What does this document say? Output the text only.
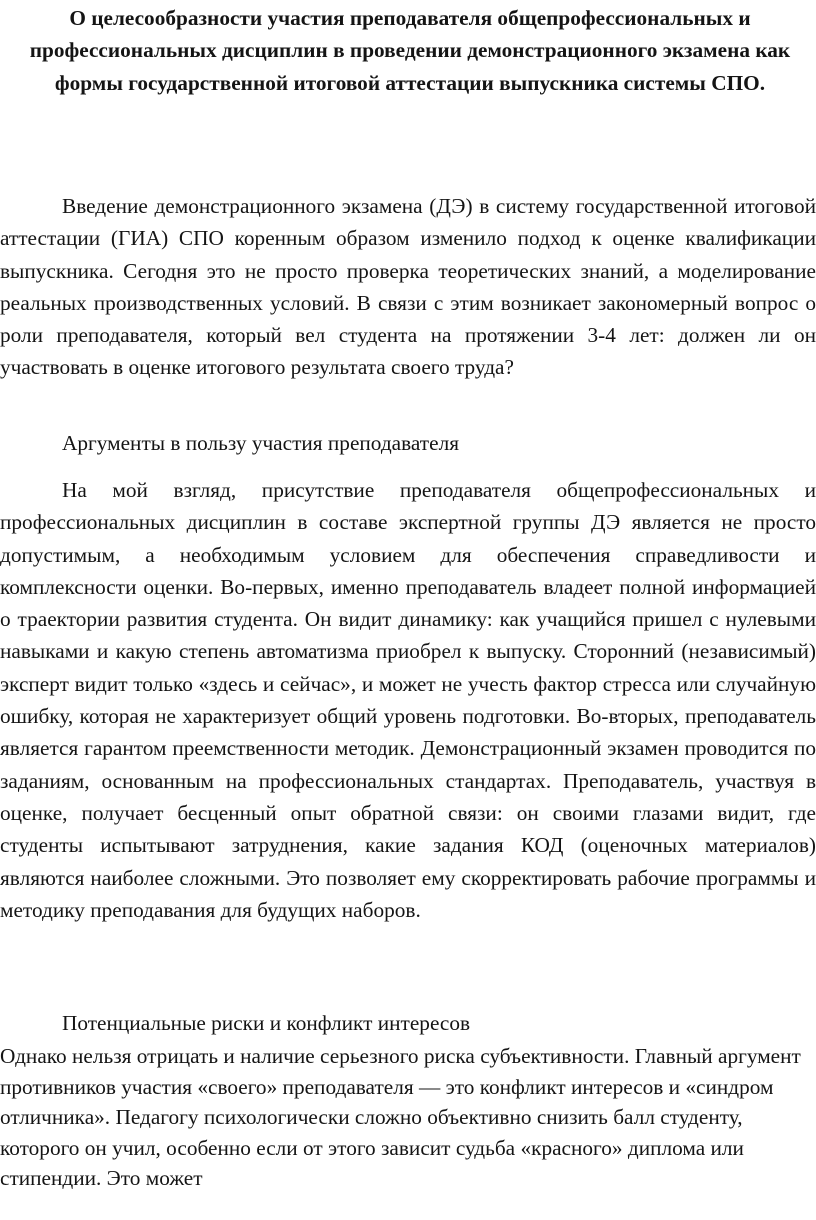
О целесообразности участия преподавателя общепрофессиональных и профессиональных дисциплин в проведении демонстрационного экзамена как формы государственной итоговой аттестации выпускника системы СПО.

Введение демонстрационного экзамена (ДЭ) в систему государственной итоговой аттестации (ГИА) СПО коренным образом изменило подход к оценке квалификации выпускника. Сегодня это не просто проверка теоретических знаний, а моделирование реальных производственных условий. В связи с этим возникает закономерный вопрос о роли преподавателя, который вел студента на протяжении 3-4 лет: должен ли он участвовать в оценке итогового результата своего труда?

Аргументы в пользу участия преподавателя

На мой взгляд, присутствие преподавателя общепрофессиональных и профессиональных дисциплин в составе экспертной группы ДЭ является не просто допустимым, а необходимым условием для обеспечения справедливости и комплексности оценки. Во-первых, именно преподаватель владеет полной информацией о траектории развития студента. Он видит динамику: как учащийся пришел с нулевыми навыками и какую степень автоматизма приобрел к выпуску. Сторонний (независимый) эксперт видит только «здесь и сейчас», и может не учесть фактор стресса или случайную ошибку, которая не характеризует общий уровень подготовки. Во-вторых, преподаватель является гарантом преемственности методик. Демонстрационный экзамен проводится по заданиям, основанным на профессиональных стандартах. Преподаватель, участвуя в оценке, получает бесценный опыт обратной связи: он своими глазами видит, где студенты испытывают затруднения, какие задания КОД (оценочных материалов) являются наиболее сложными. Это позволяет ему скорректировать рабочие программы и методику преподавания для будущих наборов.

Потенциальные риски и конфликт интересов

Однако нельзя отрицать и наличие серьезного риска субъективности. Главный аргумент противников участия «своего» преподавателя — это конфликт интересов и «синдром отличника». Педагогу психологически сложно объективно снизить балл студенту, которого он учил, особенно если от этого зависит судьба «красного» диплома или стипендии. Это может
